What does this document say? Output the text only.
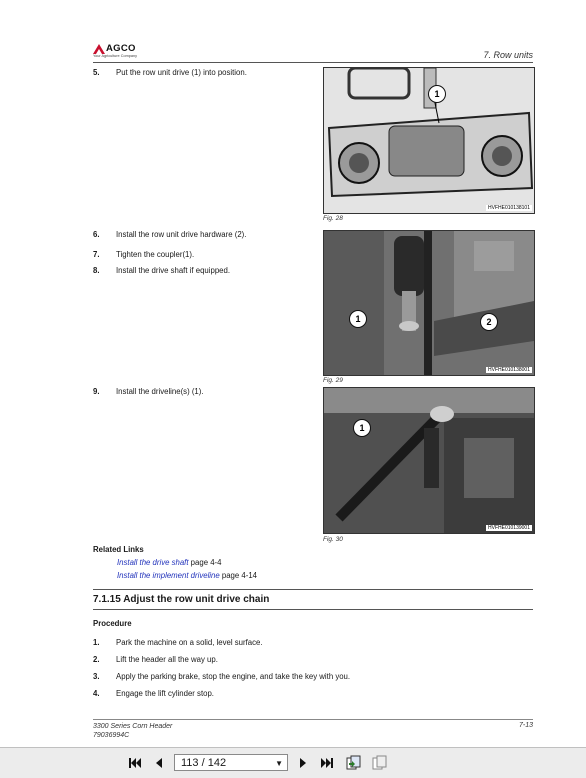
AGCO
Your Agriculture Company	7. Row units
5. Put the row unit drive (1) into position.
6. Install the row unit drive hardware (2).
7. Tighten the coupler(1).
8. Install the drive shaft if equipped.
9. Install the driveline(s) (1).
1
HVFHE01013810​1
Fig. 28
1	2
HVFHE01013800​1
Fig. 29
1
HVFHE01013900​1
Fig. 30
Related Links
Install the drive shaft page 4-4
Install the implement driveline page 4-14
7.1.15 Adjust the row unit drive chain
Procedure
1. Park the machine on a solid, level surface.
2. Lift the header all the way up.
3. Apply the parking brake, stop the engine, and take the key with you.
4. Engage the lift cylinder stop.
3300 Series Corn Header
79036994C
7-13
113 / 142	▼
